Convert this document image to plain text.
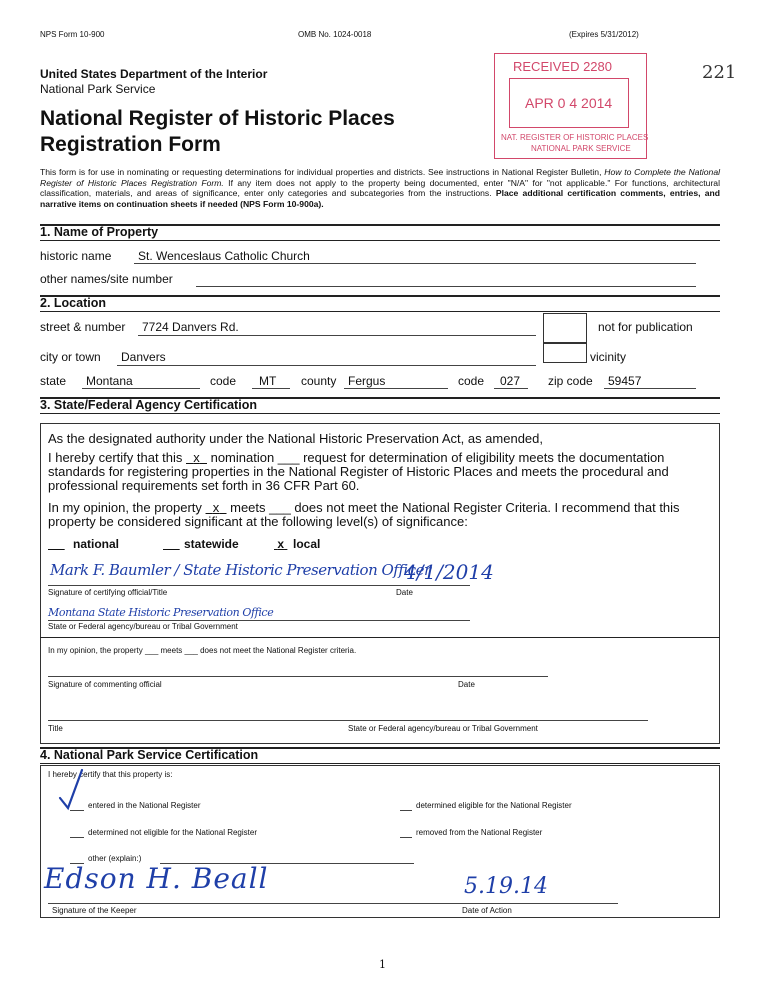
NPS Form 10-900	OMB No. 1024-0018	(Expires 5/31/2012)
United States Department of the Interior
National Park Service
National Register of Historic Places
Registration Form
RECEIVED 2280
APR 0 4 2014
NAT. REGISTER OF HISTORIC PLACES
NATIONAL PARK SERVICE
221
This form is for use in nominating or requesting determinations for individual properties and districts. See instructions in National Register Bulletin, How to Complete the National Register of Historic Places Registration Form. If any item does not apply to the property being documented, enter "N/A" for "not applicable." For functions, architectural classification, materials, and areas of significance, enter only categories and subcategories from the instructions. Place additional certification comments, entries, and narrative items on continuation sheets if needed (NPS Form 10-900a).
1. Name of Property
historic name St. Wenceslaus Catholic Church
other names/site number
2. Location
street & number 7724 Danvers Rd.	not for publication
city or town Danvers	vicinity
state Montana	code MT county Fergus	code 027 zip code 59457
3. State/Federal Agency Certification
As the designated authority under the National Historic Preservation Act, as amended,
I hereby certify that this   x   nomination ___ request for determination of eligibility meets the documentation standards for registering properties in the National Register of Historic Places and meets the procedural and professional requirements set forth in 36 CFR Part 60.
In my opinion, the property   x   meets ___ does not meet the National Register Criteria. I recommend that this property be considered significant at the following level(s) of significance:

national
	statewide	x local
Mark F. Baumler / State Historic Preservation Officer
4/1/2014
Signature of certifying official/Title	Date
Montana State Historic Preservation Office
State or Federal agency/bureau or Tribal Government
In my opinion, the property ___ meets ___ does not meet the National Register criteria.
Signature of commenting official	Date
Title	State or Federal agency/bureau or Tribal Government
4. National Park Service Certification
I hereby certify that this property is:
entered in the National Register	determined eligible for the National Register
determined not eligible for the National Register	removed from the National Register
other (explain:)
Edson H. Beall	5.19.14
Signature of the Keeper	Date of Action
1
